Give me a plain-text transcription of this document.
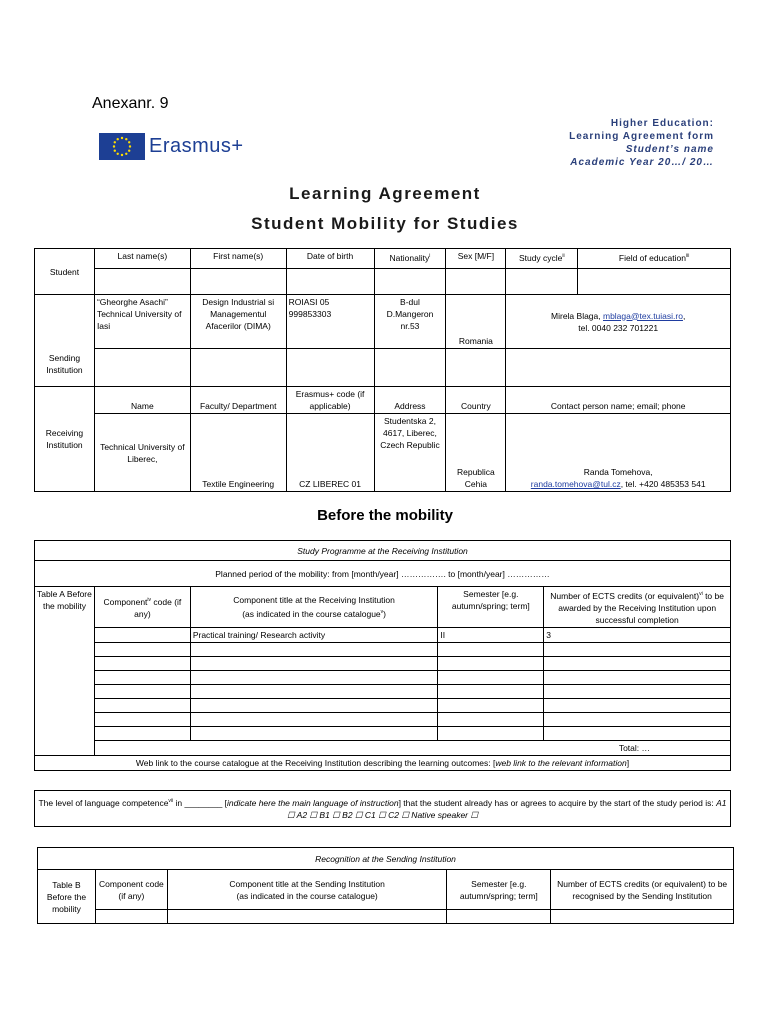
Anexanr. 9
Higher Education:
Learning Agreement form
Student’s name
Academic Year 20…/ 20…
Erasmus+
Learning Agreement
Student Mobility for Studies
Student	Last name(s)	First name(s)	Date of birth	Nationality$^i$	Sex [M/F]	Study cycle$^{ii}$	Field of education$^{iii}$

Sending Institution	“Gheorghe Asachi” Technical University of Iasi	Design Industrial si Managementul Afacerilor (DIMA)	ROIASI 05 999853303	B-dul D.Mangeron nr.53	Romania	Mirela Blaga, mblaga@tex.tuiasi.ro,
tel. 0040 232 701221	

Receiving Institution	Name	Faculty/ Department	Erasmus+ code (if applicable)	Address	Country	Contact person name; email; phone	
	Technical University of Liberec,	Textile Engineering	CZ LIBEREC 01	Studentska 2, 4617, Liberec, Czech Republic	Republica Cehia	Randa Tomehova,
randa.tomehova@tul.cz, tel. +420 485353 541	
Before the mobility
Study Programme at the Receiving Institution				
Planned period of the mobility: from [month/year] ……………. to [month/year] ……………				
Table A Before the mobility	Component$^{iv}$ code (if any)	Component title at the Receiving Institution
(as indicated in the course catalogue$^v$)	Semester [e.g. autumn/spring; term]	Number of ECTS credits (or equivalent)$^{vi}$ to be awarded by the Receiving Institution upon successful completion
		Practical training/ Research activity	II	3

	Total: …			
Web link to the course catalogue at the Receiving Institution describing the learning outcomes: [web link to the relevant information]				
The level of language competence$^{vii}$ in ________ [indicate here the main language of instruction] that the student already has or agrees to acquire by the start of the study period is: A1 ☐ A2 ☐ B1 ☐ B2 ☐ C1 ☐ C2 ☐ Native speaker ☐
Recognition at the Sending Institution				
Table B Before the mobility	Component code (if any)	Component title at the Sending Institution
(as indicated in the course catalogue)	Semester [e.g. autumn/spring; term]	Number of ECTS credits (or equivalent) to be recognised by the Sending Institution
